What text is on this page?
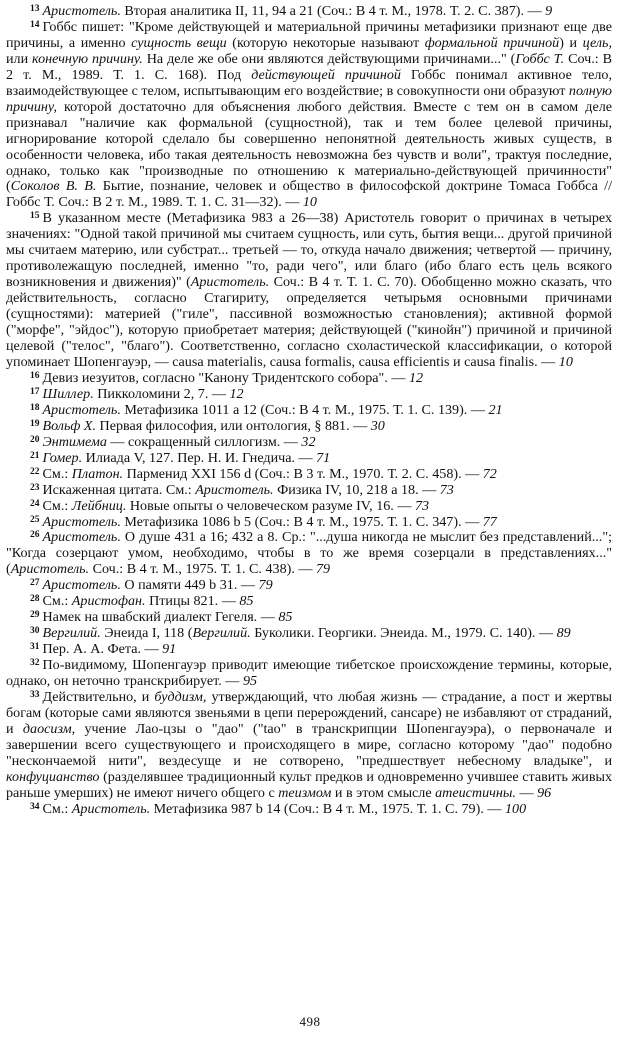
$^{13}$ Аристотель. Вторая аналитика II, 11, 94 а 21 (Соч.: В 4 т. М., 1978. Т. 2. С. 387). — 9

$^{14}$ Гоббс пишет: "Кроме действующей и материальной причины метафизики признают еще две причины, а именно сущность вещи (которую некоторые называют формальной причиной) и цель, или конечную причину. На деле же обе они являются действующими причинами..." (Гоббс Т. Соч.: В 2 т. М., 1989. Т. 1. С. 168). Под действующей причиной Гоббс понимал активное тело, взаимодействующее с телом, испытывающим его воздействие; в совокупности они образуют полную причину, которой достаточно для объяснения любого действия. Вместе с тем он в самом деле признавал "наличие как формальной (сущностной), так и тем более целевой причины, игнорирование которой сделало бы совершенно непонятной деятельность живых существ, в особенности человека, ибо такая деятельность невозможна без чувств и воли", трактуя последние, однако, только как "производные по отношению к материально-действующей причинности" (Соколов В. В. Бытие, познание, человек и общество в философской доктрине Томаса Гоббса // Гоббс Т. Соч.: В 2 т. М., 1989. Т. 1. С. 31—32). — 10

$^{15}$ В указанном месте (Метафизика 983 а 26—38) Аристотель говорит о причинах в четырех значениях: "Одной такой причиной мы считаем сущность, или суть, бытия вещи... другой причиной мы считаем материю, или субстрат... третьей — то, откуда начало движения; четвертой — причину, противолежащую последней, именно "то, ради чего", или благо (ибо благо есть цель всякого возникновения и движения)" (Аристотель. Соч.: В 4 т. Т. 1. С. 70). Обобщенно можно сказать, что действительность, согласно Стагириту, определяется четырьмя основными причинами (сущностями): материей ("гиле", пассивной возможностью становления); активной формой ("морфе", "эйдос"), которую приобретает материя; действующей ("кинойн") причиной и причиной целевой ("телос", "благо"). Соответственно, согласно схоластической классификации, о которой упоминает Шопенгауэр, — causa materialis, causa formalis, causa efficientis и causa finalis. — 10

$^{16}$ Девиз иезуитов, согласно "Канону Тридентского собора". — 12

$^{17}$ Шиллер. Пикколомини 2, 7. — 12

$^{18}$ Аристотель. Метафизика 1011 а 12 (Соч.: В 4 т. М., 1975. Т. 1. С. 139). — 21

$^{19}$ Вольф Х. Первая философия, или онтология, § 881. — 30

$^{20}$ Энтимема — сокращенный силлогизм. — 32

$^{21}$ Гомер. Илиада V, 127. Пер. Н. И. Гнедича. — 71

$^{22}$ См.: Платон. Парменид XXI 156 d (Соч.: В 3 т. М., 1970. Т. 2. С. 458). — 72

$^{23}$ Искаженная цитата. См.: Аристотель. Физика IV, 10, 218 а 18. — 73

$^{24}$ См.: Лейбниц. Новые опыты о человеческом разуме IV, 16. — 73

$^{25}$ Аристотель. Метафизика 1086 b 5 (Соч.: В 4 т. М., 1975. Т. 1. С. 347). — 77

$^{26}$ Аристотель. О душе 431 а 16; 432 а 8. Ср.: "...душа никогда не мыслит без представлений..."; "Когда созерцают умом, необходимо, чтобы в то же время созерцали в представлениях..." (Аристотель. Соч.: В 4 т. М., 1975. Т. 1. С. 438). — 79

$^{27}$ Аристотель. О памяти 449 b 31. — 79

$^{28}$ См.: Аристофан. Птицы 821. — 85

$^{29}$ Намек на швабский диалект Гегеля. — 85

$^{30}$ Вергилий. Энеида I, 118 (Вергилий. Буколики. Георгики. Энеида. М., 1979. С. 140). — 89

$^{31}$ Пер. А. А. Фета. — 91

$^{32}$ По-видимому, Шопенгауэр приводит имеющие тибетское происхождение термины, которые, однако, он неточно транскрибирует. — 95

$^{33}$ Действительно, и буддизм, утверждающий, что любая жизнь — страдание, а пост и жертвы богам (которые сами являются звеньями в цепи перерождений, сансаре) не избавляют от страданий, и даосизм, учение Лао-цзы о "дао" ("tao" в транскрипции Шопенгауэра), о первоначале и завершении всего существующего и происходящего в мире, согласно которому "дао" подобно "нескончаемой нити", вездесуще и не сотворено, "предшествует небесному владыке", и конфуцианство (разделявшее традиционный культ предков и одновременно учившее ставить живых раньше умерших) не имеют ничего общего с теизмом и в этом смысле атеистичны. — 96

$^{34}$ См.: Аристотель. Метафизика 987 b 14 (Соч.: В 4 т. М., 1975. Т. 1. С. 79). — 100

498
